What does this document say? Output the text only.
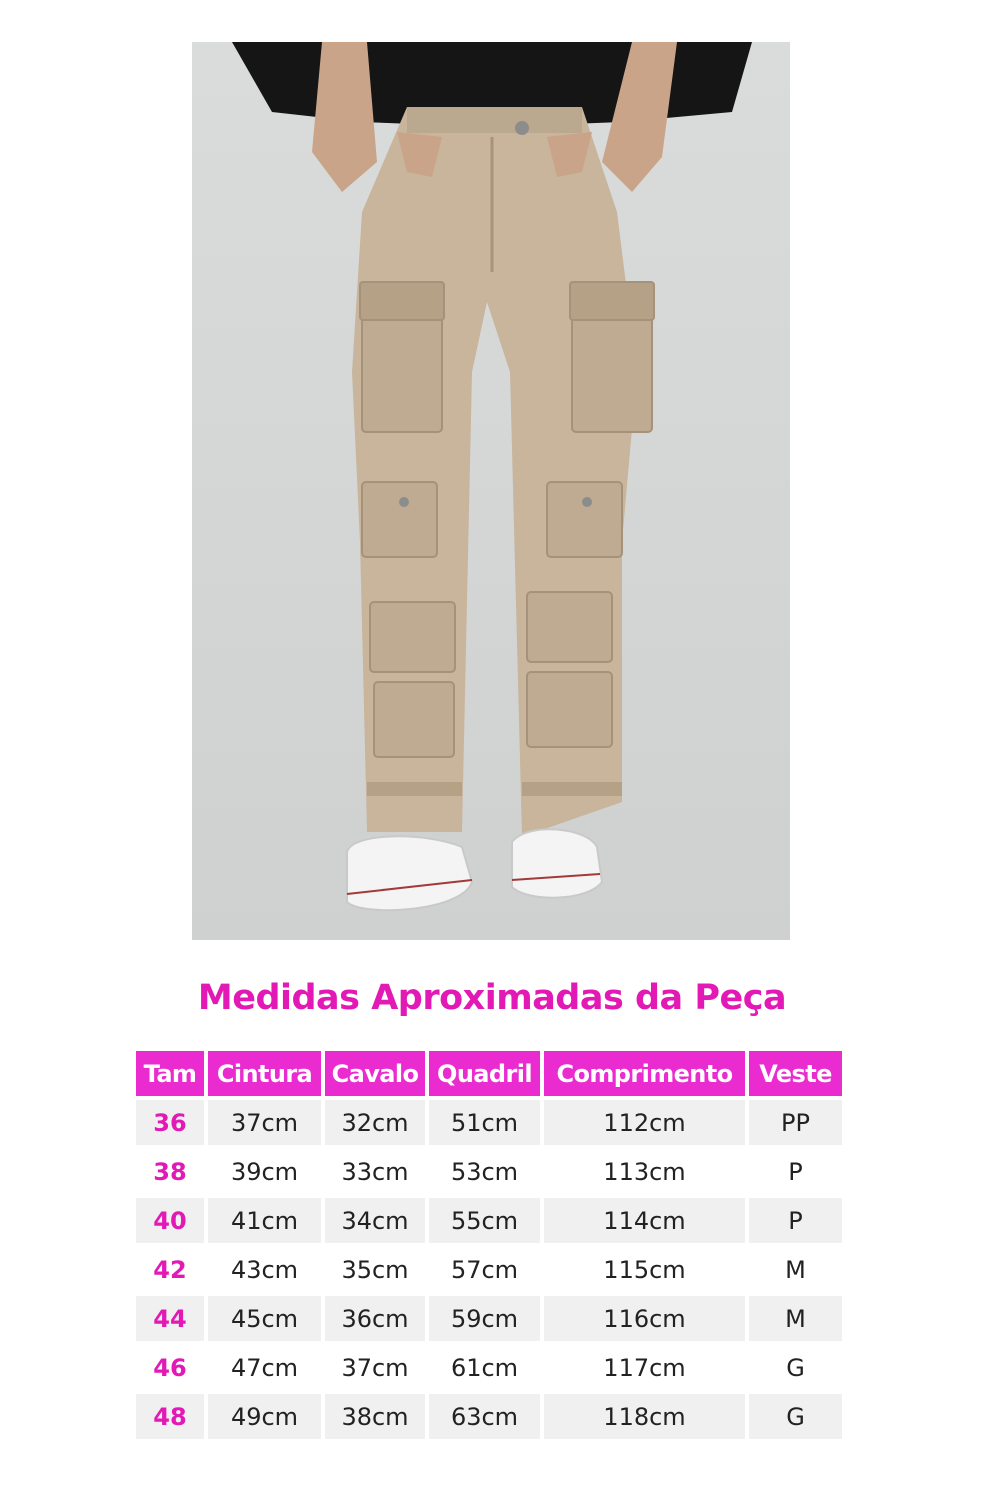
Medidas Aproximadas da Peça
Tam	Cintura	Cavalo	Quadril	Comprimento	Veste
36	37cm	32cm	51cm	112cm	PP
38	39cm	33cm	53cm	113cm	P
40	41cm	34cm	55cm	114cm	P
42	43cm	35cm	57cm	115cm	M
44	45cm	36cm	59cm	116cm	M
46	47cm	37cm	61cm	117cm	G
48	49cm	38cm	63cm	118cm	G
